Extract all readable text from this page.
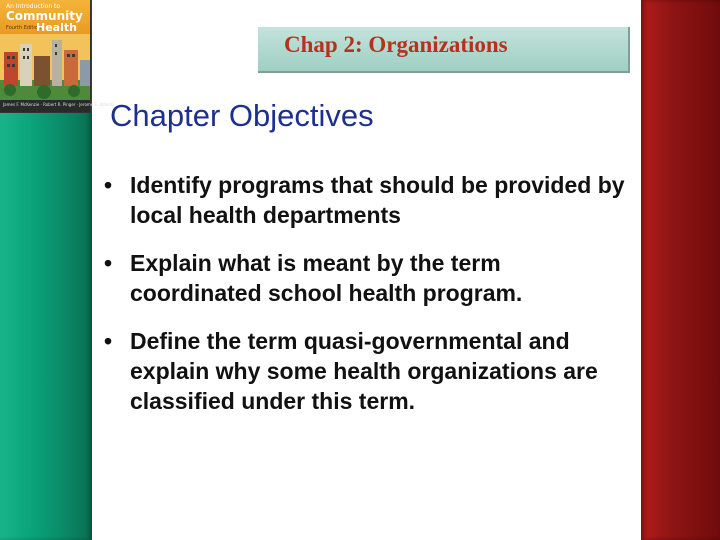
An Introduction to
Community
Fourth Edition
Health
James F. McKenzie · Robert R. Pinger · Jerome E. Kotecki
Chap 2: Organizations
Chapter Objectives
• Identify programs that should be provided by local health departments
• Explain what is meant by the term coordinated school health program.
• Define the term quasi-governmental and explain why some health organizations are classified under this term.
